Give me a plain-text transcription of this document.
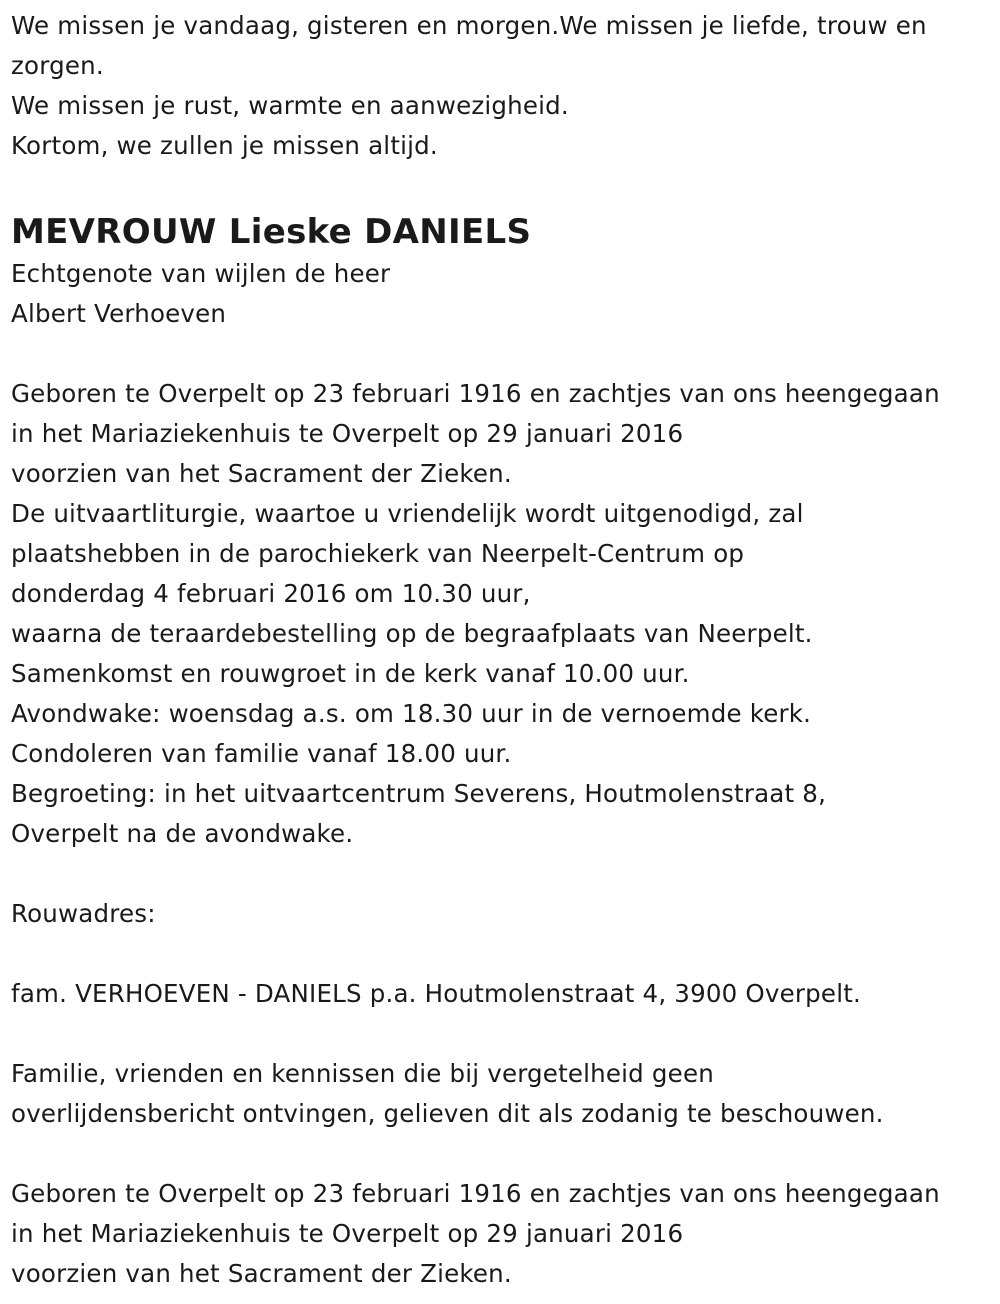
We missen je vandaag, gisteren en morgen.We missen je liefde, trouw en
zorgen.
We missen je rust, warmte en aanwezigheid.
Kortom, we zullen je missen altijd.
MEVROUW Lieske DANIELS
Echtgenote van wijlen de heer
Albert Verhoeven
Geboren te Overpelt op 23 februari 1916 en zachtjes van ons heengegaan
in het Mariaziekenhuis te Overpelt op 29 januari 2016
voorzien van het Sacrament der Zieken.
De uitvaartliturgie, waartoe u vriendelijk wordt uitgenodigd, zal
plaatshebben in de parochiekerk van Neerpelt-Centrum op
donderdag 4 februari 2016 om 10.30 uur,
waarna de teraardebestelling op de begraafplaats van Neerpelt.
Samenkomst en rouwgroet in de kerk vanaf 10.00 uur.
Avondwake: woensdag a.s. om 18.30 uur in de vernoemde kerk.
Condoleren van familie vanaf 18.00 uur.
Begroeting: in het uitvaartcentrum Severens, Houtmolenstraat 8,
Overpelt na de avondwake.
Rouwadres:
fam. VERHOEVEN - DANIELS p.a. Houtmolenstraat 4, 3900 Overpelt.
Familie, vrienden en kennissen die bij vergetelheid geen
overlijdensbericht ontvingen, gelieven dit als zodanig te beschouwen.
Geboren te Overpelt op 23 februari 1916 en zachtjes van ons heengegaan
in het Mariaziekenhuis te Overpelt op 29 januari 2016
voorzien van het Sacrament der Zieken.
